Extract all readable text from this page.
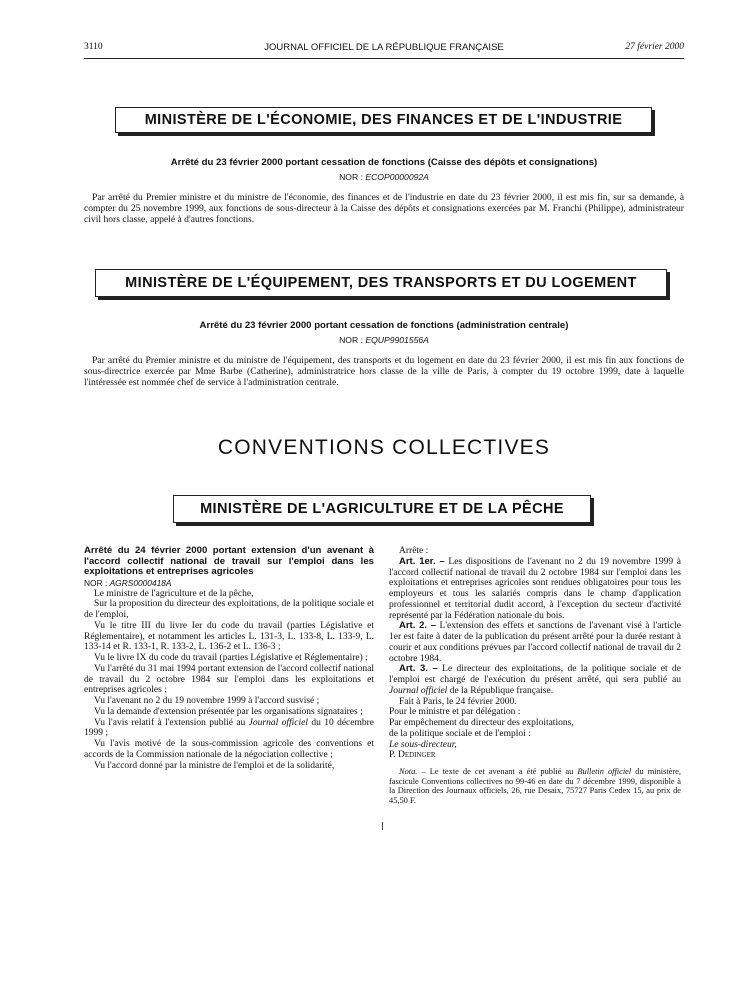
3110	JOURNAL OFFICIEL DE LA RÉPUBLIQUE FRANÇAISE	27 février 2000
MINISTÈRE DE L'ÉCONOMIE, DES FINANCES ET DE L'INDUSTRIE
Arrêté du 23 février 2000 portant cessation de fonctions (Caisse des dépôts et consignations)
NOR : ECOP0000092A

Par arrêté du Premier ministre et du ministre de l'économie, des finances et de l'industrie en date du 23 février 2000, il est mis fin, sur sa demande, à compter du 25 novembre 1999, aux fonctions de sous-directeur à la Caisse des dépôts et consignations exercées par M. Franchi (Philippe), administrateur civil hors classe, appelé à d'autres fonctions.

MINISTÈRE DE L'ÉQUIPEMENT, DES TRANSPORTS ET DU LOGEMENT
Arrêté du 23 février 2000 portant cessation de fonctions (administration centrale)
NOR : EQUP9901556A

Par arrêté du Premier ministre et du ministre de l'équipement, des transports et du logement en date du 23 février 2000, il est mis fin aux fonctions de sous-directrice exercée par Mme Barbe (Catherine), administratrice hors classe de la ville de Paris, à compter du 19 octobre 1999, date à laquelle l'intéressée est nommée chef de service à l'administration centrale.

CONVENTIONS COLLECTIVES
MINISTÈRE DE L'AGRICULTURE ET DE LA PÊCHE

Arrêté du 24 février 2000 portant extension d'un avenant à l'accord collectif national de travail sur l'emploi dans les exploitations et entreprises agricoles

NOR : AGRS0000418A

Le ministre de l'agriculture et de la pêche,

Sur la proposition du directeur des exploitations, de la politique sociale et de l'emploi,

Vu le titre III du livre Ier du code du travail (parties Législative et Réglementaire), et notamment les articles L. 131-3, L. 133-8, L. 133-9, L. 133-14 et R. 133-1, R. 133-2, L. 136-2 et L. 136-3 ;

Vu le livre IX du code du travail (parties Législative et Réglementaire) ;

Vu l'arrêté du 31 mai 1994 portant extension de l'accord collectif national de travail du 2 octobre 1984 sur l'emploi dans les exploitations et entreprises agricoles ;

Vu l'avenant no 2 du 19 novembre 1999 à l'accord susvisé ;

Vu la demande d'extension présentée par les organisations signataires ;

Vu l'avis relatif à l'extension publié au Journal officiel du 10 décembre 1999 ;

Vu l'avis motivé de la sous-commission agricole des conventions et accords de la Commission nationale de la négociation collective ;

Vu l'accord donné par la ministre de l'emploi et de la solidarité,

Arrête :

Art. 1er. – Les dispositions de l'avenant no 2 du 19 novembre 1999 à l'accord collectif national de travail du 2 octobre 1984 sur l'emploi dans les exploitations et entreprises agricoles sont rendues obligatoires pour tous les employeurs et tous les salariés compris dans le champ d'application professionnel et territorial dudit accord, à l'exception du secteur d'activité représenté par la Fédération nationale du bois.

Art. 2. – L'extension des effets et sanctions de l'avenant visé à l'article 1er est faite à dater de la publication du présent arrêté pour la durée restant à courir et aux conditions prévues par l'accord collectif national de travail du 2 octobre 1984.

Art. 3. – Le directeur des exploitations, de la politique sociale et de l'emploi est chargé de l'exécution du présent arrêté, qui sera publié au Journal officiel de la République française.

Fait à Paris, le 24 février 2000.

Pour le ministre et par délégation :

Par empêchement du directeur des exploitations,

de la politique sociale et de l'emploi :

Le sous-directeur,

P. Dedinger

Nota. – Le texte de cet avenant a été publié au Bulletin officiel du ministère, fascicule Conventions collectives no 99-46 en date du 7 décembre 1999, disponible à la Direction des Journaux officiels, 26, rue Desaix, 75727 Paris Cedex 15, au prix de 45,50 F.
